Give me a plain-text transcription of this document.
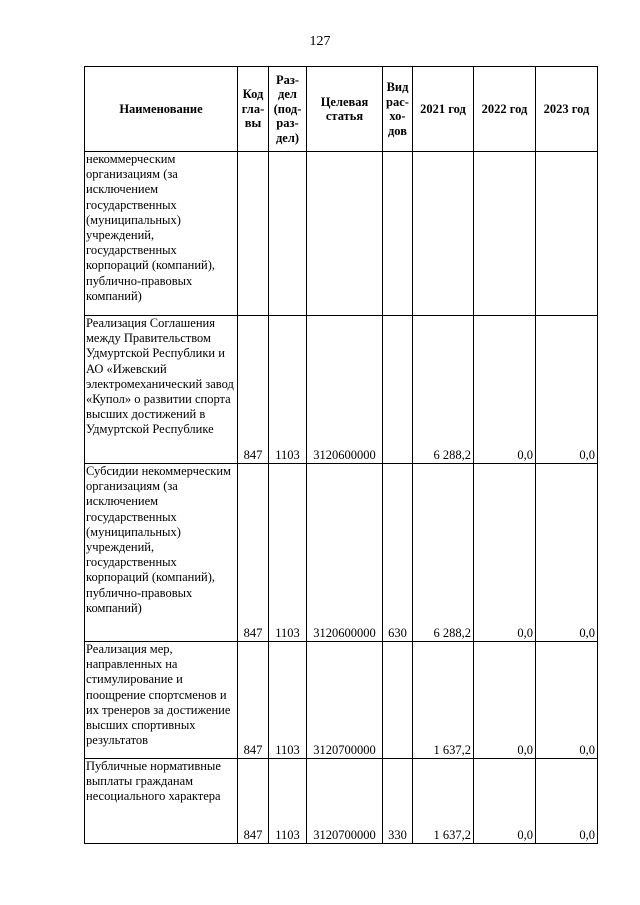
127
Наименование	Код
гла-
вы	Раз-
дел
(под-
раз-
дел)	Целевая
статья	Вид
рас-
хо-
дов	2021 год	2022 год	2023 год
некоммерческим организациям (за исключением государственных (муниципальных) учреждений, государственных корпораций (компаний), публично-правовых компаний)							
Реализация Соглашения между Правительством Удмуртской Республики и АО «Ижевский электромеханический завод «Купол» о развитии спорта высших достижений в Удмуртской Республике	847	1103	3120600000		6 288,2	0,0	0,0
Субсидии некоммерческим организациям (за исключением государственных (муниципальных) учреждений, государственных корпораций (компаний), публично-правовых компаний)	847	1103	3120600000	630	6 288,2	0,0	0,0
Реализация мер, направленных на стимулирование и поощрение спортсменов и их тренеров за достижение высших спортивных результатов	847	1103	3120700000		1 637,2	0,0	0,0
Публичные нормативные выплаты гражданам несоциального характера	847	1103	3120700000	330	1 637,2	0,0	0,0
